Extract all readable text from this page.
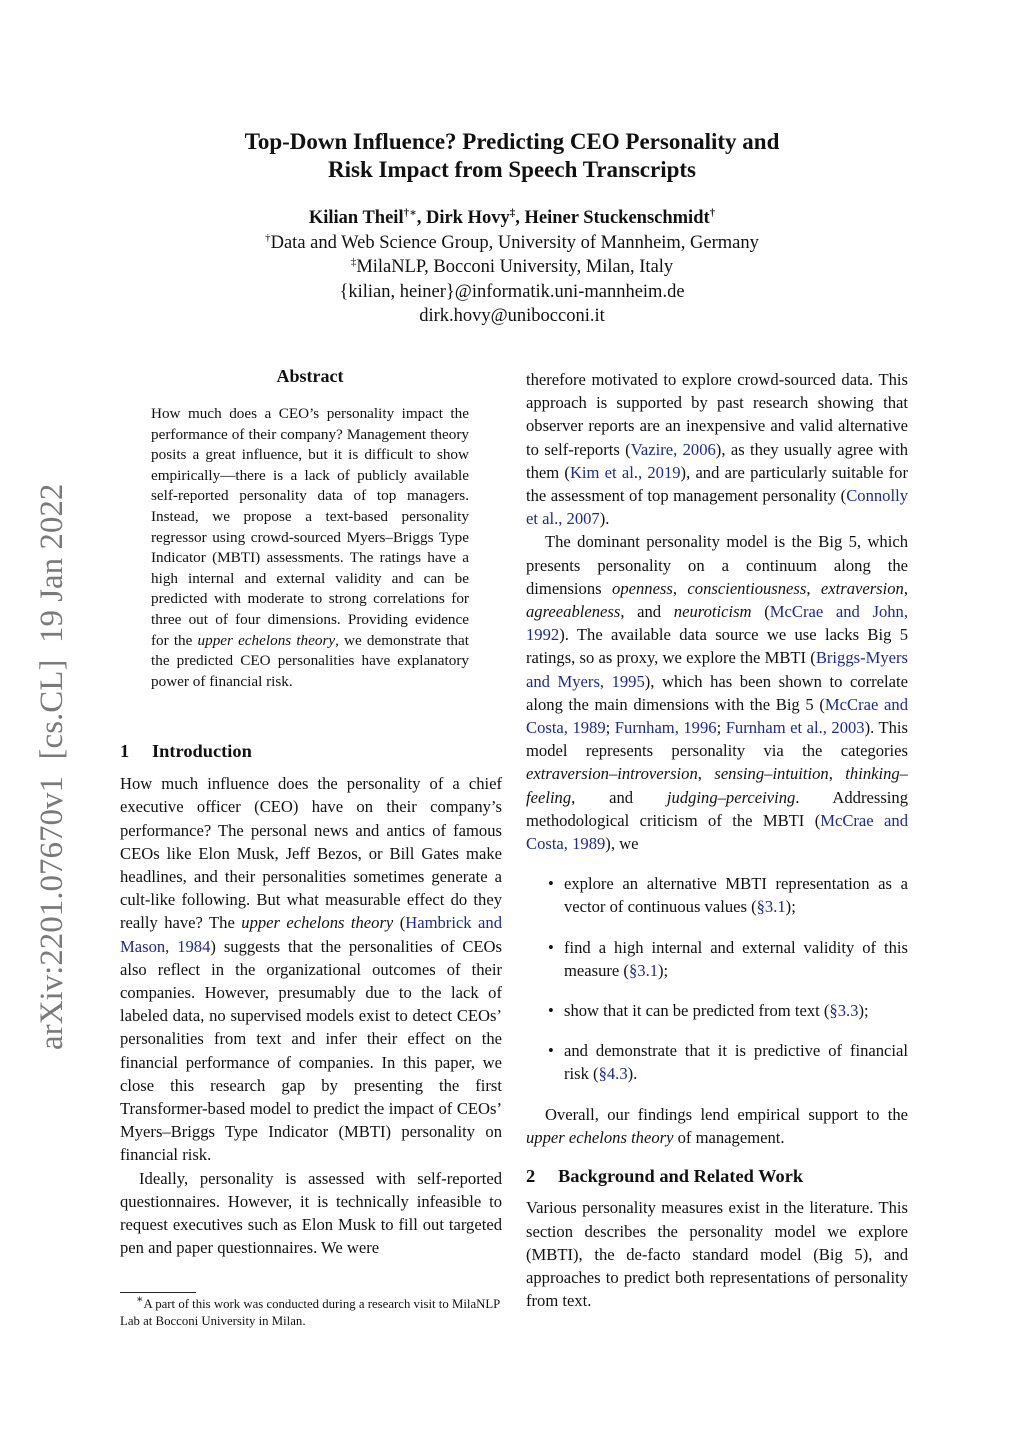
Top-Down Influence? Predicting CEO Personality and
Risk Impact from Speech Transcripts
Kilian Theil†∗, Dirk Hovy‡, Heiner Stuckenschmidt†
†Data and Web Science Group, University of Mannheim, Germany
‡MilaNLP, Bocconi University, Milan, Italy
{kilian, heiner}@informatik.uni-mannheim.de
dirk.hovy@unibocconi.it
arXiv:2201.07670v1  [cs.CL]  19 Jan 2022
Abstract
How much does a CEO’s personality impact the performance of their company? Management theory posits a great influence, but it is difficult to show empirically—there is a lack of publicly available self-reported personality data of top managers. Instead, we propose a text-based personality regressor using crowd-sourced Myers–Briggs Type Indicator (MBTI) assessments. The ratings have a high internal and external validity and can be predicted with moderate to strong correlations for three out of four dimensions. Providing evidence for the upper echelons theory, we demonstrate that the predicted CEO personalities have explanatory power of financial risk.
1 Introduction

How much influence does the personality of a chief executive officer (CEO) have on their company’s performance? The personal news and antics of famous CEOs like Elon Musk, Jeff Bezos, or Bill Gates make headlines, and their personalities sometimes generate a cult-like following. But what measurable effect do they really have? The upper echelons theory (Hambrick and Mason, 1984) suggests that the personalities of CEOs also reflect in the organizational outcomes of their companies. However, presumably due to the lack of labeled data, no supervised models exist to detect CEOs’ personalities from text and infer their effect on the financial performance of companies. In this paper, we close this research gap by presenting the first Transformer-based model to predict the impact of CEOs’ Myers–Briggs Type Indicator (MBTI) personality on financial risk.

Ideally, personality is assessed with self-reported questionnaires. However, it is technically infeasible to request executives such as Elon Musk to fill out targeted pen and paper questionnaires. We were

∗A part of this work was conducted during a research visit to MilaNLP Lab at Bocconi University in Milan.

therefore motivated to explore crowd-sourced data. This approach is supported by past research showing that observer reports are an inexpensive and valid alternative to self-reports (Vazire, 2006), as they usually agree with them (Kim et al., 2019), and are particularly suitable for the assessment of top management personality (Connolly et al., 2007).

The dominant personality model is the Big 5, which presents personality on a continuum along the dimensions openness, conscientiousness, extraversion, agreeableness, and neuroticism (McCrae and John, 1992). The available data source we use lacks Big 5 ratings, so as proxy, we explore the MBTI (Briggs-Myers and Myers, 1995), which has been shown to correlate along the main dimensions with the Big 5 (McCrae and Costa, 1989; Furnham, 1996; Furnham et al., 2003). This model represents personality via the categories extraversion–introversion, sensing–intuition, thinking–feeling, and judging–perceiving. Addressing methodological criticism of the MBTI (McCrae and Costa, 1989), we

• explore an alternative MBTI representation as a vector of continuous values (§3.1);
• find a high internal and external validity of this measure (§3.1);
• show that it can be predicted from text (§3.3);
• and demonstrate that it is predictive of financial risk (§4.3).

Overall, our findings lend empirical support to the upper echelons theory of management.

2 Background and Related Work

Various personality measures exist in the literature. This section describes the personality model we explore (MBTI), the de-facto standard model (Big 5), and approaches to predict both representations of personality from text.
